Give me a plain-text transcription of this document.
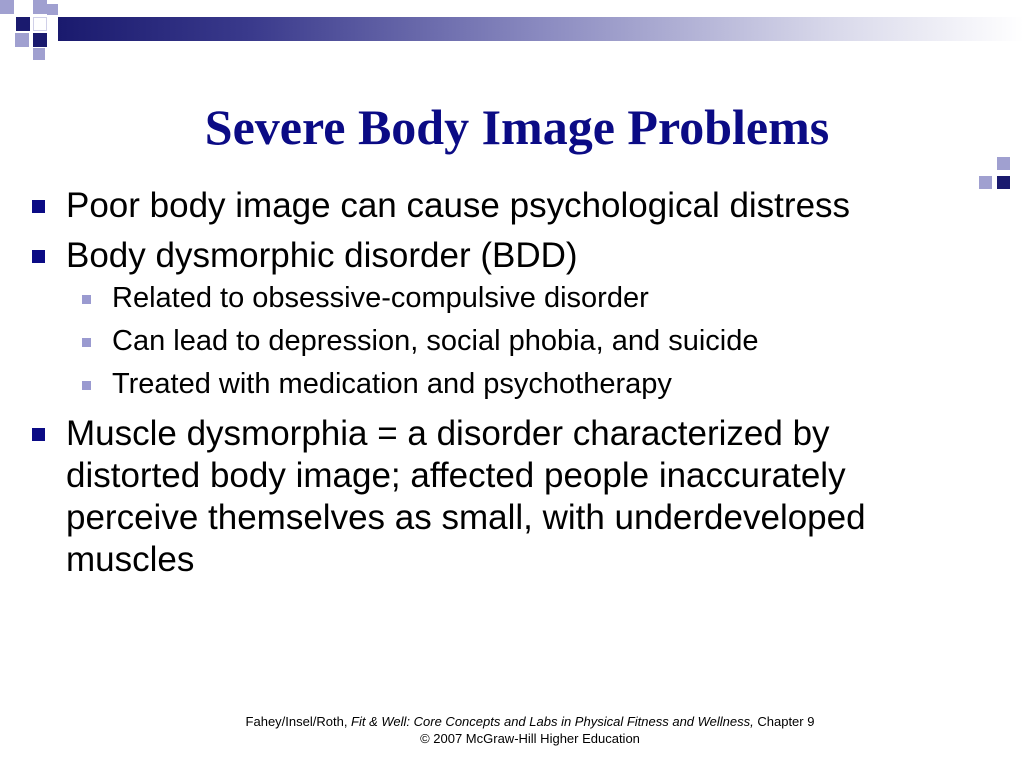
Severe Body Image Problems
Poor body image can cause psychological distress
Body dysmorphic disorder (BDD)
Related to obsessive-compulsive disorder
Can lead to depression, social phobia, and suicide
Treated with medication and psychotherapy
Muscle dysmorphia = a disorder characterized by distorted body image; affected people inaccurately perceive themselves as small, with underdeveloped muscles
Fahey/Insel/Roth, Fit & Well: Core Concepts and Labs in Physical Fitness and Wellness, Chapter 9
© 2007 McGraw-Hill Higher Education
